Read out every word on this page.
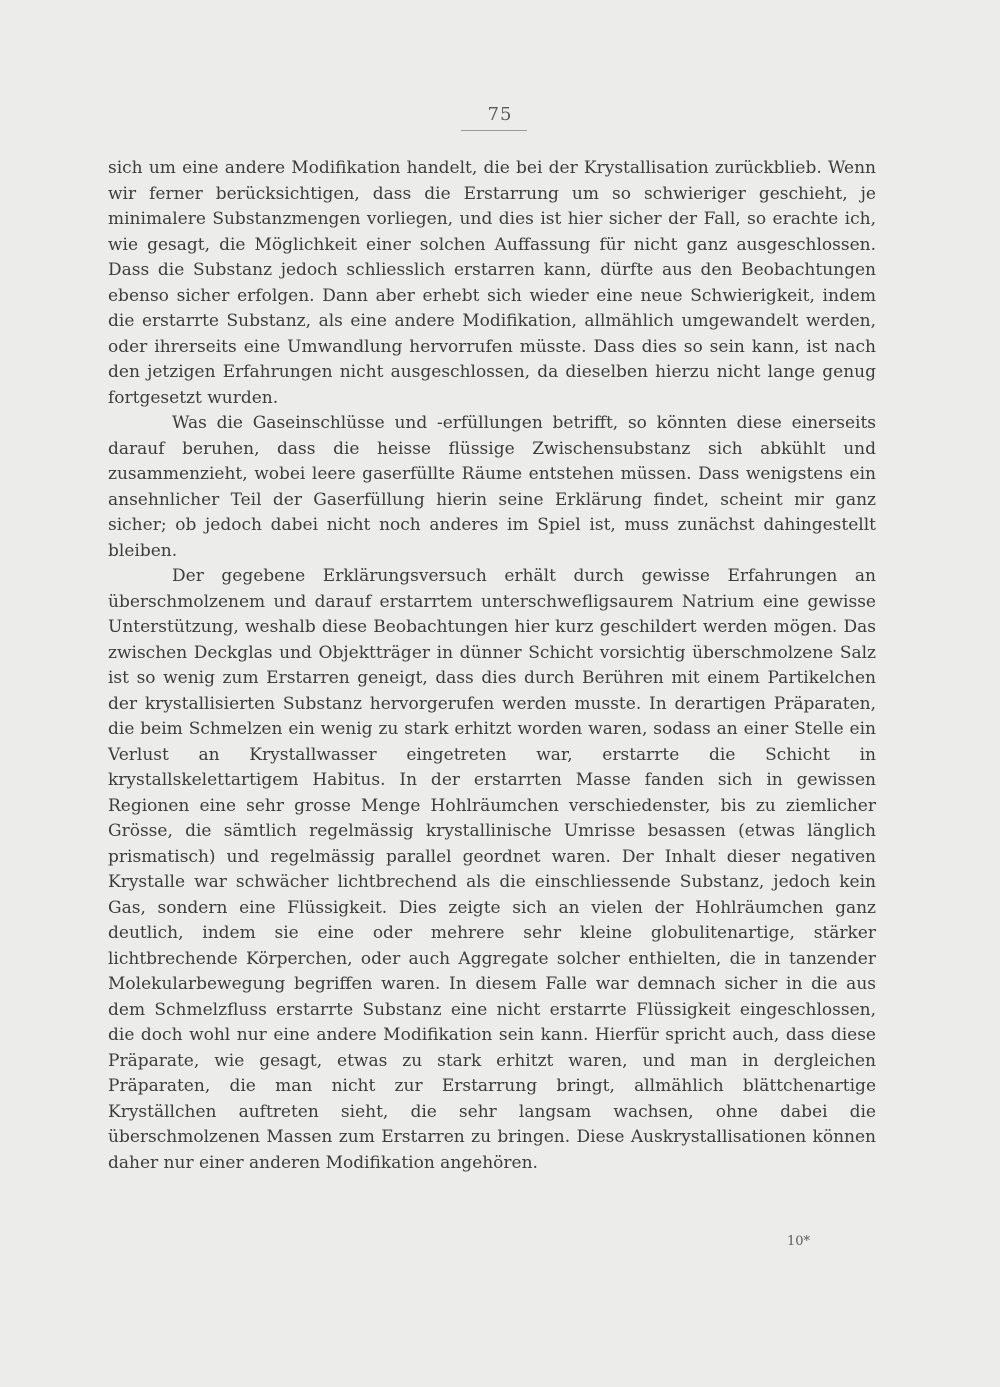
75

sich um eine andere Modifikation handelt, die bei der Krystallisation zurückblieb. Wenn wir ferner berücksichtigen, dass die Erstarrung um so schwieriger geschieht, je minimalere Substanzmengen vorliegen, und dies ist hier sicher der Fall, so erachte ich, wie gesagt, die Möglichkeit einer solchen Auffassung für nicht ganz ausgeschlossen. Dass die Substanz jedoch schliesslich erstarren kann, dürfte aus den Beobachtungen ebenso sicher erfolgen. Dann aber erhebt sich wieder eine neue Schwierigkeit, indem die erstarrte Substanz, als eine andere Modifikation, allmählich umgewandelt werden, oder ihrerseits eine Umwandlung hervorrufen müsste. Dass dies so sein kann, ist nach den jetzigen Erfahrungen nicht ausgeschlossen, da dieselben hierzu nicht lange genug fortgesetzt wurden.

Was die Gaseinschlüsse und -erfüllungen betrifft, so könnten diese einerseits darauf beruhen, dass die heisse flüssige Zwischensubstanz sich abkühlt und zusammenzieht, wobei leere gaserfüllte Räume entstehen müssen. Dass wenigstens ein ansehnlicher Teil der Gaserfüllung hierin seine Erklärung findet, scheint mir ganz sicher; ob jedoch dabei nicht noch anderes im Spiel ist, muss zunächst dahingestellt bleiben.

Der gegebene Erklärungsversuch erhält durch gewisse Erfahrungen an überschmolzenem und darauf erstarrtem unterschwefligsaurem Natrium eine gewisse Unterstützung, weshalb diese Beobachtungen hier kurz geschildert werden mögen. Das zwischen Deckglas und Objektträger in dünner Schicht vorsichtig überschmolzene Salz ist so wenig zum Erstarren geneigt, dass dies durch Berühren mit einem Partikelchen der krystallisierten Substanz hervorgerufen werden musste. In derartigen Präparaten, die beim Schmelzen ein wenig zu stark erhitzt worden waren, sodass an einer Stelle ein Verlust an Krystallwasser eingetreten war, erstarrte die Schicht in krystallskelettartigem Habitus. In der erstarrten Masse fanden sich in gewissen Regionen eine sehr grosse Menge Hohlräumchen verschiedenster, bis zu ziemlicher Grösse, die sämtlich regelmässig krystallinische Umrisse besassen (etwas länglich prismatisch) und regelmässig parallel geordnet waren. Der Inhalt dieser negativen Krystalle war schwächer lichtbrechend als die einschliessende Substanz, jedoch kein Gas, sondern eine Flüssigkeit. Dies zeigte sich an vielen der Hohlräumchen ganz deutlich, indem sie eine oder mehrere sehr kleine globulitenartige, stärker lichtbrechende Körperchen, oder auch Aggregate solcher enthielten, die in tanzender Molekularbewegung begriffen waren. In diesem Falle war demnach sicher in die aus dem Schmelzfluss erstarrte Substanz eine nicht erstarrte Flüssigkeit eingeschlossen, die doch wohl nur eine andere Modifikation sein kann. Hierfür spricht auch, dass diese Präparate, wie gesagt, etwas zu stark erhitzt waren, und man in dergleichen Präparaten, die man nicht zur Erstarrung bringt, allmählich blättchenartige Kryställchen auftreten sieht, die sehr langsam wachsen, ohne dabei die überschmolzenen Massen zum Erstarren zu bringen. Diese Auskrystallisationen können daher nur einer anderen Modifikation angehören.

10*
